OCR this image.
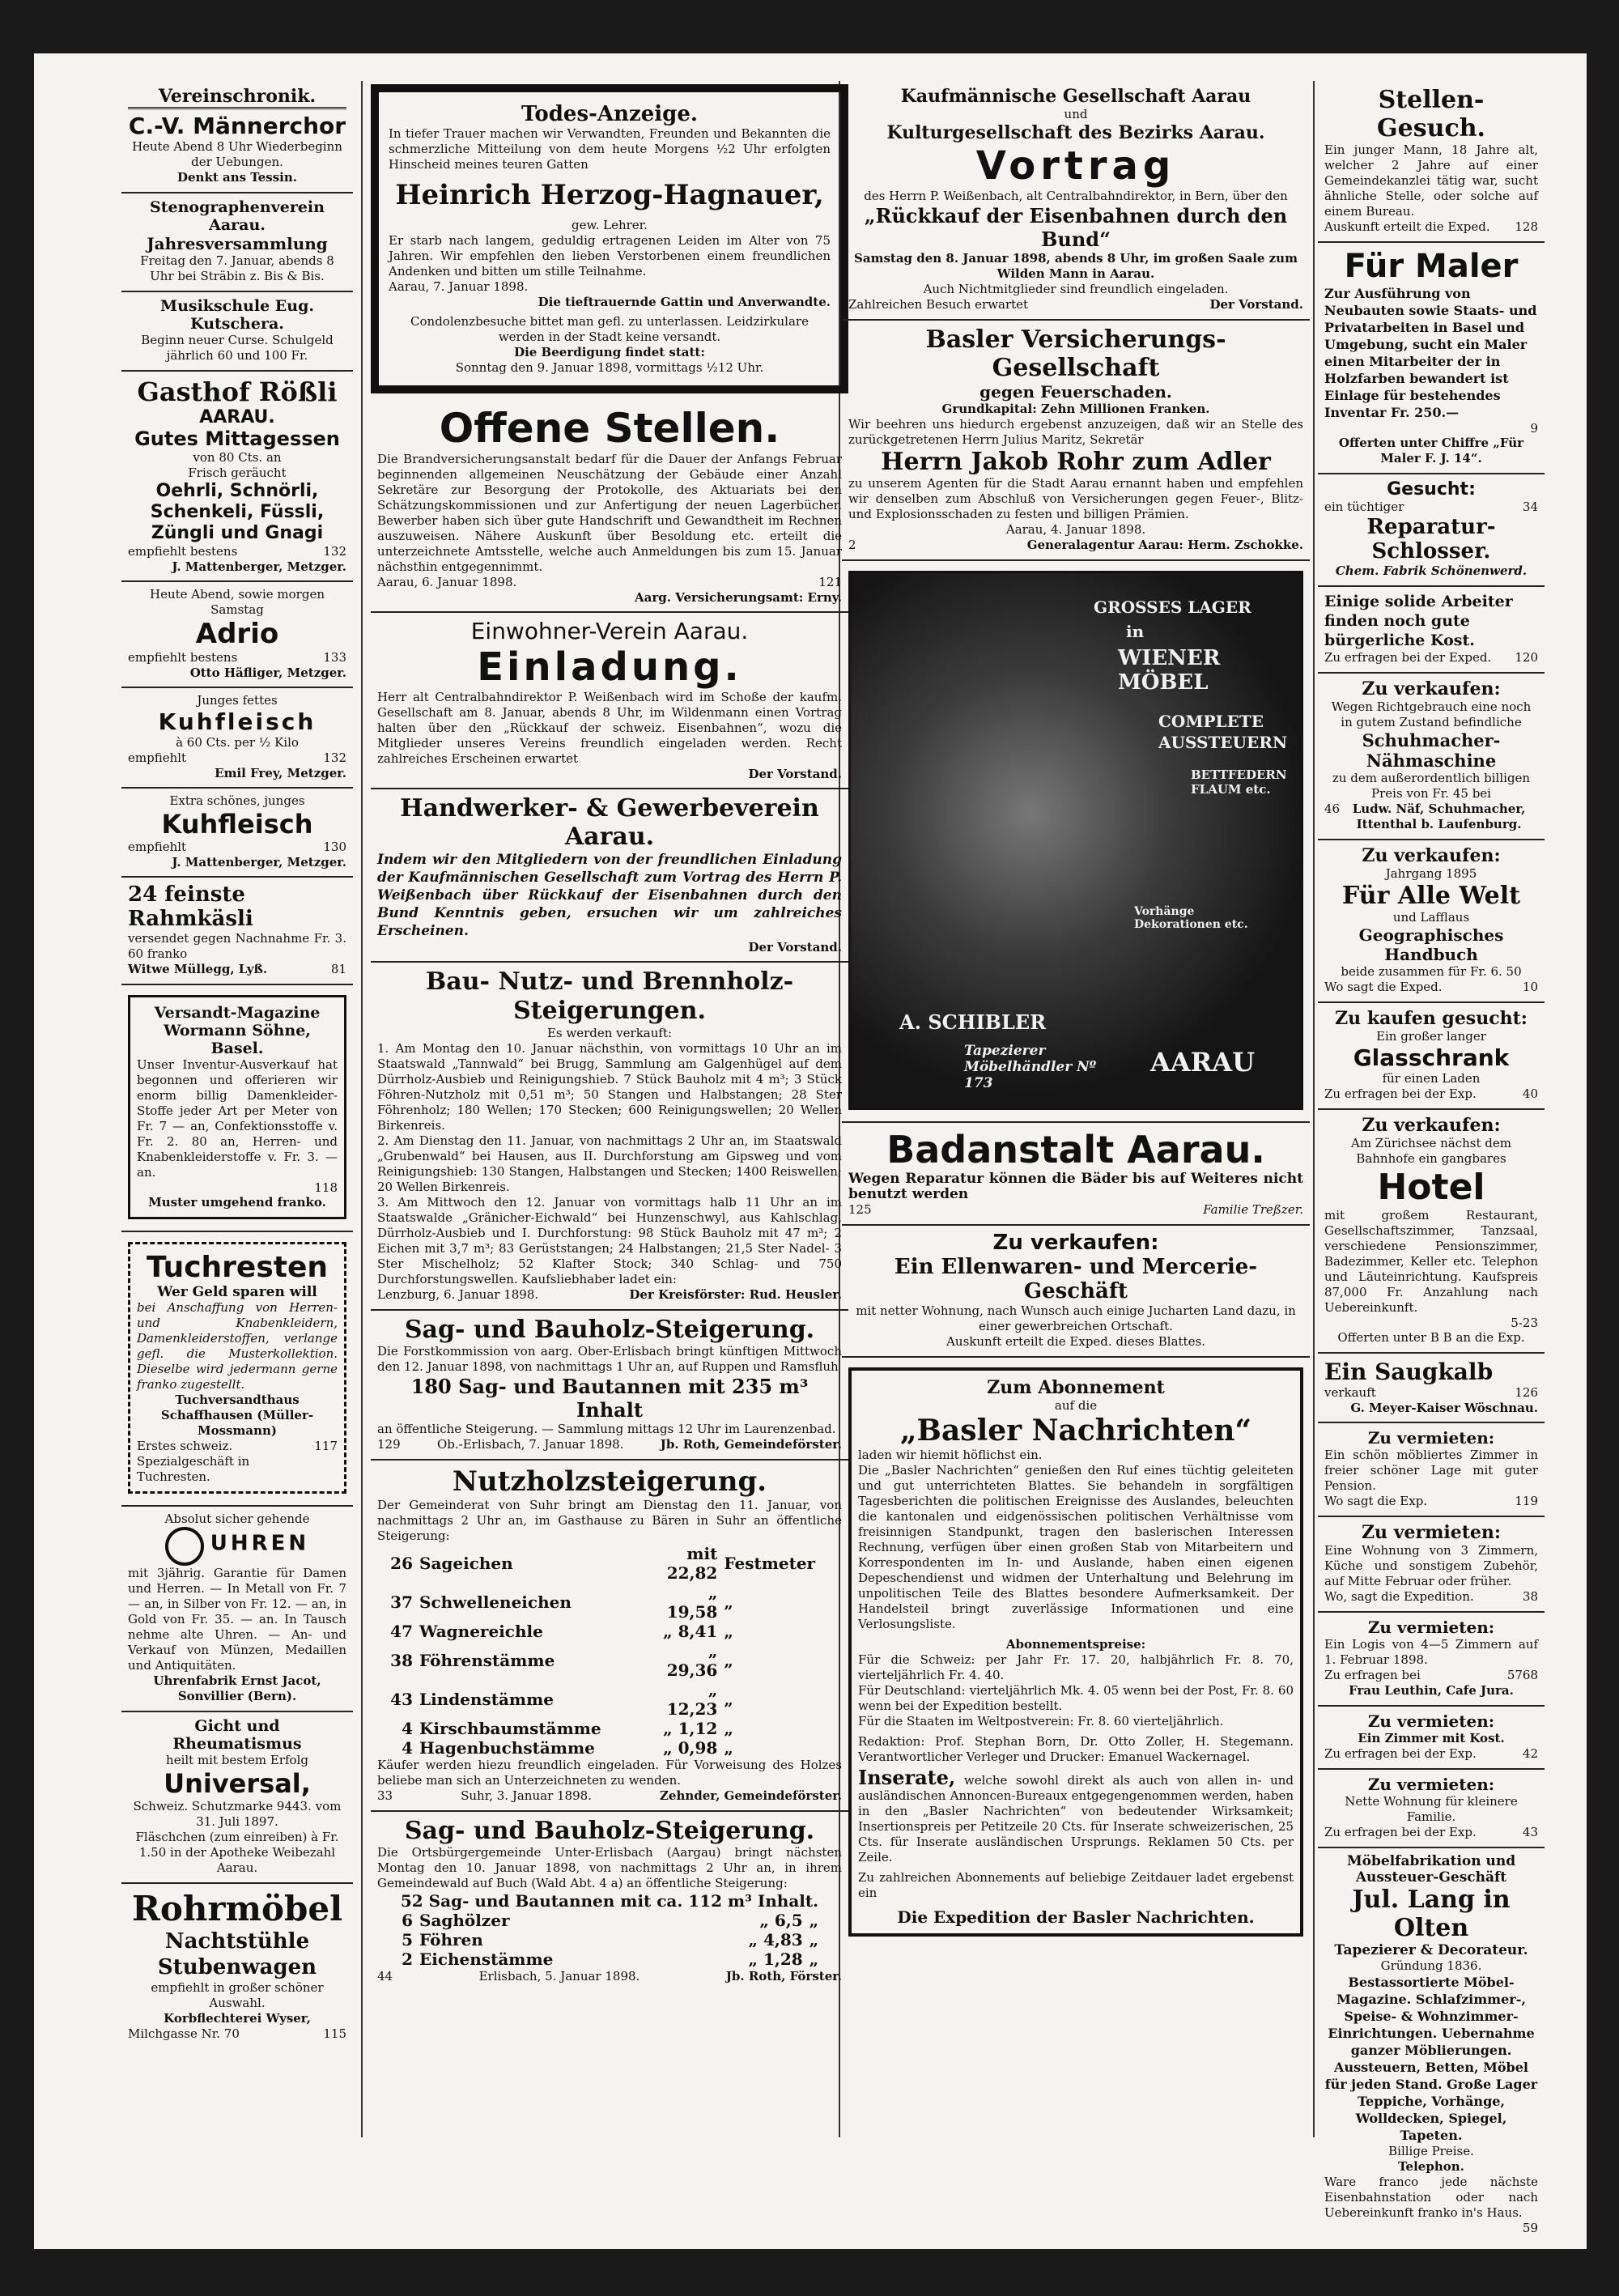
Vereinschronik.
C.-V. Männerchor
Heute Abend 8 Uhr Wiederbeginn der Uebungen.
Denkt ans Tessin.
Stenographenverein Aarau.
Jahresversammlung
Freitag den 7. Januar, abends 8 Uhr bei Sträbin z. Bis & Bis.
Musikschule Eug. Kutschera.
Beginn neuer Curse. Schulgeld jährlich 60 und 100 Fr.
Gasthof Rößli
AARAU.
Gutes Mittagessen
von 80 Cts. an
Frisch geräucht
Oehrli, Schnörli, Schenkeli, Füssli, Züngli und Gnagi
empfiehlt bestens	132
J. Mattenberger, Metzger.
Heute Abend, sowie morgen Samstag
Adrio
empfiehlt bestens	133
Otto Häfliger, Metzger.
Junges fettes
Kuhfleisch
à 60 Cts. per ½ Kilo
empfiehlt	132
Emil Frey, Metzger.
Extra schönes, junges
Kuhfleisch
empfiehlt	130
J. Mattenberger, Metzger.
24 feinste Rahmkäsli
versendet gegen Nachnahme Fr. 3. 60 franko
Witwe Müllegg, Lyß.	81
Versandt-Magazine Wormann Söhne, Basel.
Unser Inventur-Ausverkauf hat begonnen und offerieren wir enorm billig Damenkleider-Stoffe jeder Art per Meter von Fr. 7 — an, Confektionsstoffe v. Fr. 2. 80 an, Herren- und Knabenkleiderstoffe v. Fr. 3. — an.
118
Muster umgehend franko.
Tuchresten
Wer Geld sparen will
bei Anschaffung von Herren- und Knabenkleidern, Damenkleiderstoffen, verlange gefl. die Musterkollektion. Dieselbe wird jedermann gerne franko zugestellt.
Tuchversandthaus Schaffhausen (Müller-Mossmann)
Erstes schweiz. Spezialgeschäft in Tuchresten.
117
Absolut sicher gehende
UHREN
mit 3jährig. Garantie für Damen und Herren. — In Metall von Fr. 7 — an, in Silber von Fr. 12. — an, in Gold von Fr. 35. — an. In Tausch nehme alte Uhren. — An- und Verkauf von Münzen, Medaillen und Antiquitäten.
Uhrenfabrik Ernst Jacot, Sonvillier (Bern).
Gicht und Rheumatismus
heilt mit bestem Erfolg
Universal,
Schweiz. Schutzmarke 9443. vom 31. Juli 1897.
Fläschchen (zum einreiben) à Fr. 1.50 in der Apotheke Weibezahl Aarau.
Rohrmöbel
Nachtstühle Stubenwagen
empfiehlt in großer schöner Auswahl.
Korbflechterei Wyser,
Milchgasse Nr. 70	115
Todes-Anzeige.
In tiefer Trauer machen wir Verwandten, Freunden und Bekannten die schmerzliche Mitteilung von dem heute Morgens ½2 Uhr erfolgten Hinscheid meines teuren Gatten
Heinrich Herzog-Hagnauer,
gew. Lehrer.
Er starb nach langem, geduldig ertragenen Leiden im Alter von 75 Jahren. Wir empfehlen den lieben Verstorbenen einem freundlichen Andenken und bitten um stille Teilnahme.
Aarau, 7. Januar 1898.
Die tieftrauernde Gattin und Anverwandte.
Condolenzbesuche bittet man gefl. zu unterlassen. Leidzirkulare werden in der Stadt keine versandt.
Die Beerdigung findet statt:
Sonntag den 9. Januar 1898, vormittags ½12 Uhr.
Offene Stellen.
Die Brandversicherungsanstalt bedarf für die Dauer der Anfangs Februar beginnenden allgemeinen Neuschätzung der Gebäude einer Anzahl Sekretäre zur Besorgung der Protokolle, des Aktuariats bei den Schätzungskommissionen und zur Anfertigung der neuen Lagerbücher. Bewerber haben sich über gute Handschrift und Gewandtheit im Rechnen auszuweisen. Nähere Auskunft über Besoldung etc. erteilt die unterzeichnete Amtsstelle, welche auch Anmeldungen bis zum 15. Januar nächsthin entgegennimmt.
Aarau, 6. Januar 1898.	121
Aarg. Versicherungsamt: Erny.
Einwohner-Verein Aarau.
Einladung.
Herr alt Centralbahndirektor P. Weißenbach wird im Schoße der kaufm. Gesellschaft am 8. Januar, abends 8 Uhr, im Wildenmann einen Vortrag halten über den „Rückkauf der schweiz. Eisenbahnen“, wozu die Mitglieder unseres Vereins freundlich eingeladen werden. Recht zahlreiches Erscheinen erwartet
Der Vorstand.
Handwerker- & Gewerbeverein Aarau.
Indem wir den Mitgliedern von der freundlichen Einladung der Kaufmännischen Gesellschaft zum Vortrag des Herrn P. Weißenbach über Rückkauf der Eisenbahnen durch den Bund Kenntnis geben, ersuchen wir um zahlreiches Erscheinen.
Der Vorstand.
Bau- Nutz- und Brennholz-Steigerungen.
Es werden verkauft:
1. Am Montag den 10. Januar nächsthin, von vormittags 10 Uhr an im Staatswald „Tannwald“ bei Brugg, Sammlung am Galgenhügel auf dem Dürrholz-Ausbieb und Reinigungshieb. 7 Stück Bauholz mit 4 m³; 3 Stück Föhren-Nutzholz mit 0,51 m³; 50 Stangen und Halbstangen; 28 Ster Föhrenholz; 180 Wellen; 170 Stecken; 600 Reinigungswellen; 20 Wellen Birkenreis.
2. Am Dienstag den 11. Januar, von nachmittags 2 Uhr an, im Staatswald „Grubenwald“ bei Hausen, aus II. Durchforstung am Gipsweg und vom Reinigungshieb: 130 Stangen, Halbstangen und Stecken; 1400 Reiswellen; 20 Wellen Birkenreis.
3. Am Mittwoch den 12. Januar von vormittags halb 11 Uhr an im Staatswalde „Gränicher-Eichwald“ bei Hunzenschwyl, aus Kahlschlag, Dürrholz-Ausbieb und I. Durchforstung: 98 Stück Bauholz mit 47 m³; 2 Eichen mit 3,7 m³; 83 Gerüststangen; 24 Halbstangen; 21,5 Ster Nadel- 3 Ster Mischelholz; 52 Klafter Stock; 340 Schlag- und 750 Durchforstungswellen. Kaufsliebhaber ladet ein:
Lenzburg, 6. Januar 1898.	Der Kreisförster: Rud. Heusler.
Sag- und Bauholz-Steigerung.
Die Forstkommission von aarg. Ober-Erlisbach bringt künftigen Mittwoch den 12. Januar 1898, von nachmittags 1 Uhr an, auf Ruppen und Ramsfluh
180 Sag- und Bautannen mit 235 m³ Inhalt
an öffentliche Steigerung. — Sammlung mittags 12 Uhr im Laurenzenbad.
129	Ob.-Erlisbach, 7. Januar 1898.	Jb. Roth, Gemeindeförster.
Nutzholzsteigerung.
Der Gemeinderat von Suhr bringt am Dienstag den 11. Januar, von nachmittags 2 Uhr an, im Gasthause zu Bären in Suhr an öffentliche Steigerung:
26	Sageichen	mit 22,82	Festmeter
37	Schwelleneichen	„ 19,58	„
47	Wagnereichle	„ 8,41	„
38	Föhrenstämme	„ 29,36	„
43	Lindenstämme	„ 12,23	„
4	Kirschbaumstämme	„ 1,12	„
4	Hagenbuchstämme	„ 0,98	„
Käufer werden hiezu freundlich eingeladen. Für Vorweisung des Holzes beliebe man sich an Unterzeichneten zu wenden.
33	Suhr, 3. Januar 1898.	Zehnder, Gemeindeförster.
Sag- und Bauholz-Steigerung.
Die Ortsbürgergemeinde Unter-Erlisbach (Aargau) bringt nächsten Montag den 10. Januar 1898, von nachmittags 2 Uhr an, in ihrem Gemeindewald auf Buch (Wald Abt. 4 a) an öffentliche Steigerung:
52 Sag- und Bautannen mit ca. 112 m³ Inhalt.
6	Saghölzer	„ 6,5	„
5	Föhren	„ 4,83	„
2	Eichenstämme	„ 1,28	„
44	Erlisbach, 5. Januar 1898.	Jb. Roth, Förster.
Kaufmännische Gesellschaft Aarau
und
Kulturgesellschaft des Bezirks Aarau.
Vortrag
des Herrn P. Weißenbach, alt Centralbahndirektor, in Bern, über den
„Rückkauf der Eisenbahnen durch den Bund“
Samstag den 8. Januar 1898, abends 8 Uhr, im großen Saale zum Wilden Mann in Aarau.
Auch Nichtmitglieder sind freundlich eingeladen.
Zahlreichen Besuch erwartet	Der Vorstand.
Basler Versicherungs-Gesellschaft
gegen Feuerschaden.
Grundkapital: Zehn Millionen Franken.
Wir beehren uns hiedurch ergebenst anzuzeigen, daß wir an Stelle des zurückgetretenen Herrn Julius Maritz, Sekretär
Herrn Jakob Rohr zum Adler
zu unserem Agenten für die Stadt Aarau ernannt haben und empfehlen wir denselben zum Abschluß von Versicherungen gegen Feuer-, Blitz- und Explosionsschaden zu festen und billigen Prämien.
Aarau, 4. Januar 1898.
2	Generalagentur Aarau: Herm. Zschokke.
GROSSES LAGER
in
WIENER MÖBEL
COMPLETE AUSSTEUERN
BETTFEDERN FLAUM etc.
Vorhänge Dekorationen etc.
A. SCHIBLER
Tapezierer Möbelhändler Nº 173
AARAU
Badanstalt Aarau.
Wegen Reparatur können die Bäder bis auf Weiteres nicht benutzt werden
125	Familie Treßzer.
Zu verkaufen:
Ein Ellenwaren- und Mercerie-Geschäft
mit netter Wohnung, nach Wunsch auch einige Jucharten Land dazu, in einer gewerbreichen Ortschaft.
Auskunft erteilt die Exped. dieses Blattes.
Zum Abonnement
auf die
„Basler Nachrichten“
laden wir hiemit höflichst ein.
Die „Basler Nachrichten“ genießen den Ruf eines tüchtig geleiteten und gut unterrichteten Blattes. Sie behandeln in sorgfältigen Tagesberichten die politischen Ereignisse des Auslandes, beleuchten die kantonalen und eidgenössischen politischen Verhältnisse vom freisinnigen Standpunkt, tragen den baslerischen Interessen Rechnung, verfügen über einen großen Stab von Mitarbeitern und Korrespondenten im In- und Auslande, haben einen eigenen Depeschendienst und widmen der Unterhaltung und Belehrung im unpolitischen Teile des Blattes besondere Aufmerksamkeit. Der Handelsteil bringt zuverlässige Informationen und eine Verlosungsliste.
Abonnementspreise:
Für die Schweiz: per Jahr Fr. 17. 20, halbjährlich Fr. 8. 70, vierteljährlich Fr. 4. 40.
Für Deutschland: vierteljährlich Mk. 4. 05 wenn bei der Post, Fr. 8. 60 wenn bei der Expedition bestellt.
Für die Staaten im Weltpostverein: Fr. 8. 60 vierteljährlich.
Redaktion: Prof. Stephan Born, Dr. Otto Zoller, H. Stegemann. Verantwortlicher Verleger und Drucker: Emanuel Wackernagel.
Inserate, welche sowohl direkt als auch von allen in- und ausländischen Annoncen-Bureaux entgegengenommen werden, haben in den „Basler Nachrichten“ von bedeutender Wirksamkeit; Insertionspreis per Petitzeile 20 Cts. für Inserate schweizerischen, 25 Cts. für Inserate ausländischen Ursprungs. Reklamen 50 Cts. per Zeile.
Zu zahlreichen Abonnements auf beliebige Zeitdauer ladet ergebenst ein
Die Expedition der Basler Nachrichten.
Stellen-Gesuch.
Ein junger Mann, 18 Jahre alt, welcher 2 Jahre auf einer Gemeindekanzlei tätig war, sucht ähnliche Stelle, oder solche auf einem Bureau.
Auskunft erteilt die Exped. 128
Für Maler
Zur Ausführung von Neubauten sowie Staats- und Privatarbeiten in Basel und Umgebung, sucht ein Maler einen Mitarbeiter der in Holzfarben bewandert ist Einlage für bestehendes Inventar Fr. 250.—
9
Offerten unter Chiffre „Für Maler F. J. 14“.
Gesucht:
ein tüchtiger	34
Reparatur-Schlosser.
Chem. Fabrik Schönenwerd.
Einige solide Arbeiter finden noch gute bürgerliche Kost.
Zu erfragen bei der Exped. 120
Zu verkaufen:
Wegen Richtgebrauch eine noch in gutem Zustand befindliche
Schuhmacher-Nähmaschine
zu dem außerordentlich billigen Preis von Fr. 45 bei
46	Ludw. Näf, Schuhmacher, Ittenthal b. Laufenburg.
Zu verkaufen:
Jahrgang 1895
Für Alle Welt
und Lafflaus
Geographisches Handbuch
beide zusammen für Fr. 6. 50
Wo sagt die Exped.	10
Zu kaufen gesucht:
Ein großer langer
Glasschrank
für einen Laden
Zu erfragen bei der Exp.	40
Zu verkaufen:
Am Zürichsee nächst dem Bahnhofe ein gangbares
Hotel
mit großem Restaurant, Gesellschaftszimmer, Tanzsaal, verschiedene Pensionszimmer, Badezimmer, Keller etc. Telephon und Läuteinrichtung. Kaufspreis 87,000 Fr. Anzahlung nach Uebereinkunft.
5-23
Offerten unter B B an die Exp.
Ein Saugkalb
verkauft	126
G. Meyer-Kaiser Wöschnau.
Zu vermieten:
Ein schön möbliertes Zimmer in freier schöner Lage mit guter Pension.
Wo sagt die Exp.	119
Zu vermieten:
Eine Wohnung von 3 Zimmern, Küche und sonstigem Zubehör, auf Mitte Februar oder früher.
Wo, sagt die Expedition.	38
Zu vermieten:
Ein Logis von 4—5 Zimmern auf 1. Februar 1898.
Zu erfragen bei	5768
Frau Leuthin, Cafe Jura.
Zu vermieten:
Ein Zimmer mit Kost.
Zu erfragen bei der Exp.	42
Zu vermieten:
Nette Wohnung für kleinere Familie.
Zu erfragen bei der Exp.	43
Möbelfabrikation und Aussteuer-Geschäft
Jul. Lang in Olten
Tapezierer & Decorateur.
Gründung 1836.
Bestassortierte Möbel-Magazine. Schlafzimmer-, Speise- & Wohnzimmer-Einrichtungen. Uebernahme ganzer Möblierungen. Aussteuern, Betten, Möbel für jeden Stand. Große Lager Teppiche, Vorhänge, Wolldecken, Spiegel, Tapeten.
Billige Preise.
Telephon.
Ware franco jede nächste Eisenbahnstation oder nach Uebereinkunft franko in's Haus.
59
